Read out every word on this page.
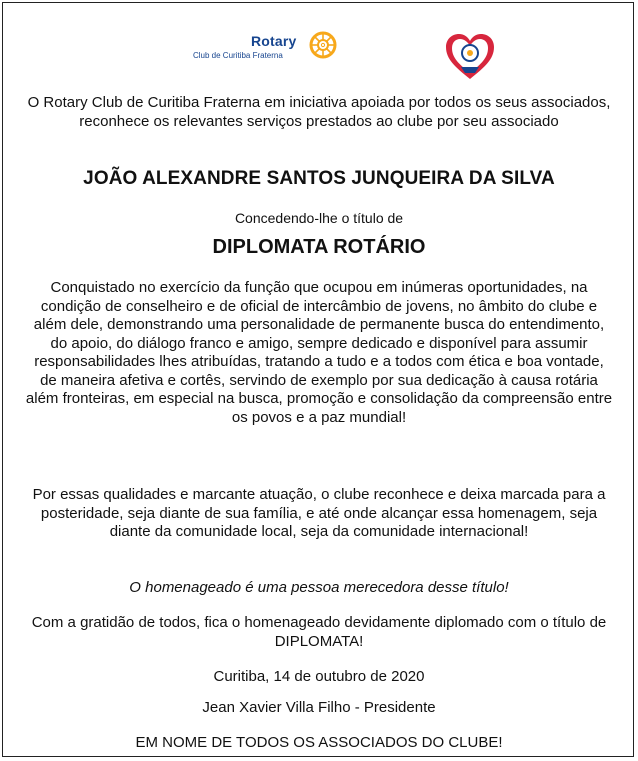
Rotary
Club de Curitiba Fraterna
O Rotary Club de Curitiba Fraterna em iniciativa apoiada por todos os seus associados, reconhece os relevantes serviços prestados ao clube por seu associado
JOÃO ALEXANDRE SANTOS JUNQUEIRA DA SILVA
Concedendo-lhe o título de
DIPLOMATA ROTÁRIO
Conquistado no exercício da função que ocupou em inúmeras oportunidades, na condição de conselheiro e de oficial de intercâmbio de jovens, no âmbito do clube e além dele, demonstrando uma personalidade de permanente busca do entendimento, do apoio, do diálogo franco e amigo, sempre dedicado e disponível para assumir responsabilidades lhes atribuídas, tratando a tudo e a todos com ética e boa vontade, de maneira afetiva e cortês, servindo de exemplo por sua dedicação à causa rotária além fronteiras, em especial na busca, promoção e consolidação da compreensão entre os povos e a paz mundial!
Por essas qualidades e marcante atuação, o clube reconhece e deixa marcada para a posteridade, seja diante de sua família, e até onde alcançar essa homenagem, seja diante da comunidade local, seja da comunidade internacional!
O homenageado é uma pessoa merecedora desse título!
Com a gratidão de todos, fica o homenageado devidamente diplomado com o título de DIPLOMATA!
Curitiba, 14 de outubro de 2020
Jean Xavier Villa Filho - Presidente
EM NOME DE TODOS OS ASSOCIADOS DO CLUBE!
